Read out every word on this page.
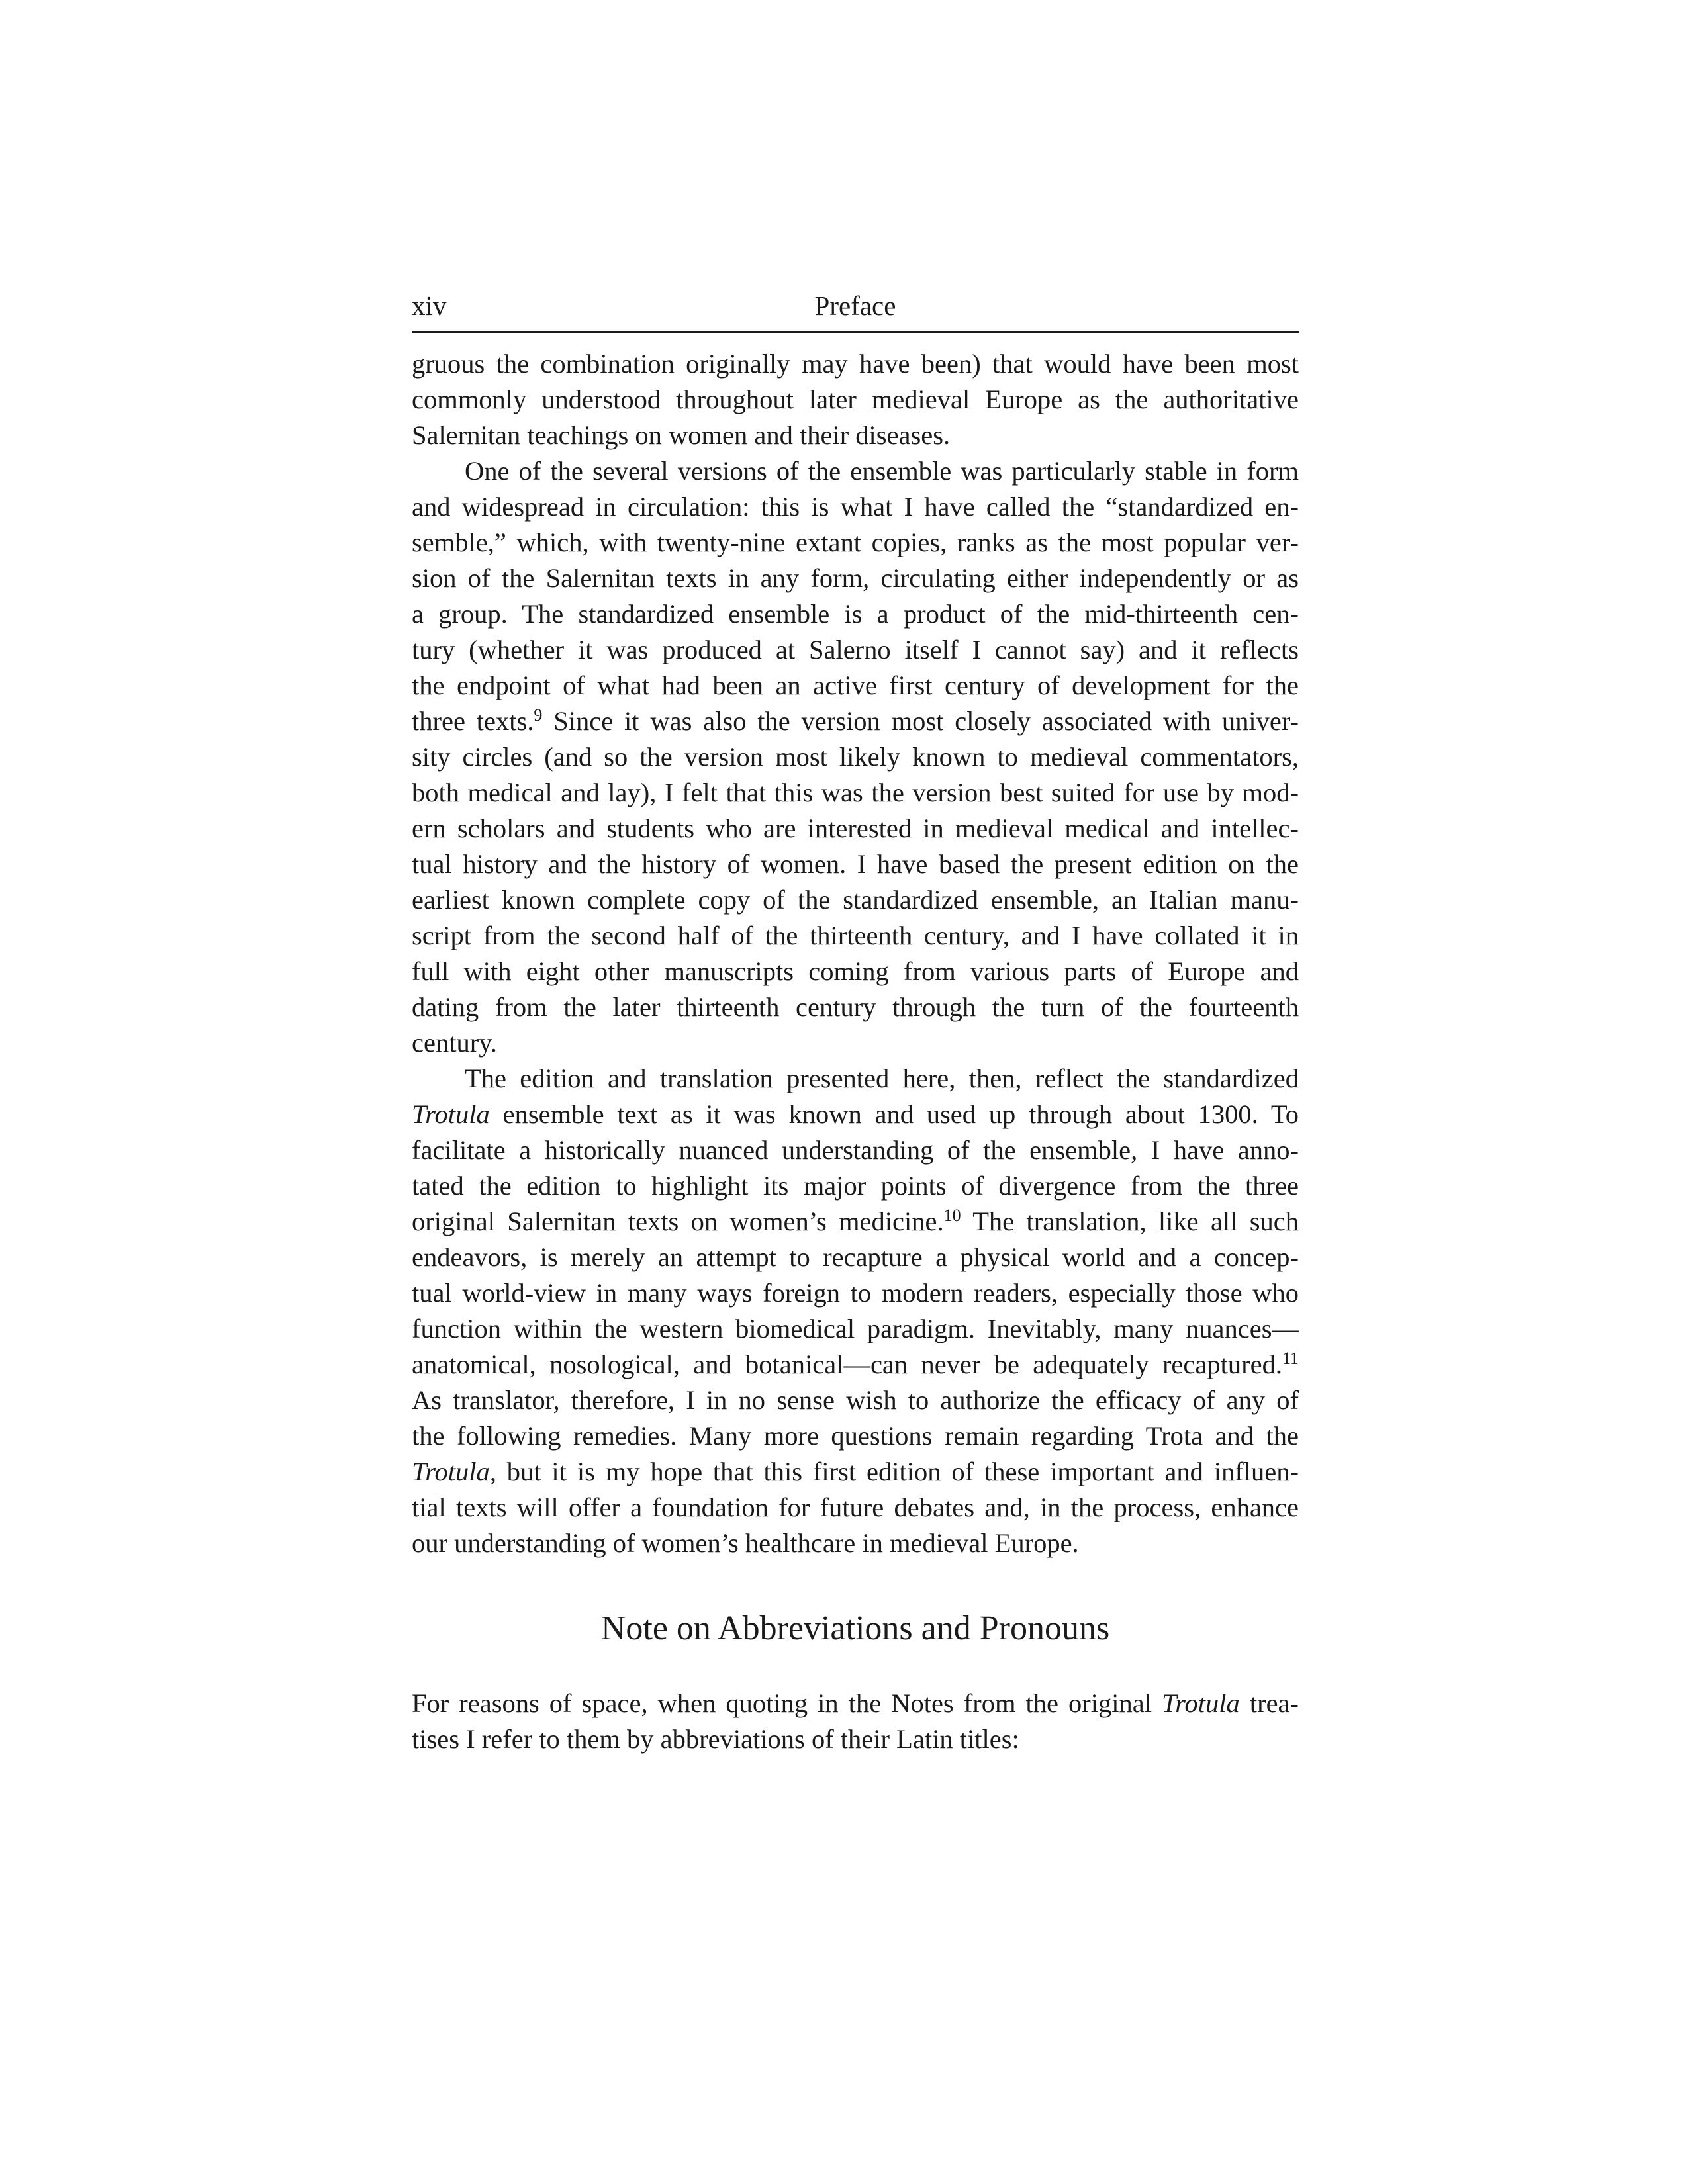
xiv	Preface
gruous the combination originally may have been) that would have been most
commonly understood throughout later medieval Europe as the authoritative
Salernitan teachings on women and their diseases.
One of the several versions of the ensemble was particularly stable in form
and widespread in circulation: this is what I have called the “standardized en-
semble,” which, with twenty-nine extant copies, ranks as the most popular ver-
sion of the Salernitan texts in any form, circulating either independently or as
a group. The standardized ensemble is a product of the mid-thirteenth cen-
tury (whether it was produced at Salerno itself I cannot say) and it reflects
the endpoint of what had been an active first century of development for the
three texts.$^9$ Since it was also the version most closely associated with univer-
sity circles (and so the version most likely known to medieval commentators,
both medical and lay), I felt that this was the version best suited for use by mod-
ern scholars and students who are interested in medieval medical and intellec-
tual history and the history of women. I have based the present edition on the
earliest known complete copy of the standardized ensemble, an Italian manu-
script from the second half of the thirteenth century, and I have collated it in
full with eight other manuscripts coming from various parts of Europe and
dating from the later thirteenth century through the turn of the fourteenth
century.
The edition and translation presented here, then, reflect the standardized
Trotula ensemble text as it was known and used up through about 1300. To
facilitate a historically nuanced understanding of the ensemble, I have anno-
tated the edition to highlight its major points of divergence from the three
original Salernitan texts on women’s medicine.$^{10}$ The translation, like all such
endeavors, is merely an attempt to recapture a physical world and a concep-
tual world-view in many ways foreign to modern readers, especially those who
function within the western biomedical paradigm. Inevitably, many nuances—
anatomical, nosological, and botanical—can never be adequately recaptured.$^{11}$
As translator, therefore, I in no sense wish to authorize the efficacy of any of
the following remedies. Many more questions remain regarding Trota and the
Trotula, but it is my hope that this first edition of these important and influen-
tial texts will offer a foundation for future debates and, in the process, enhance
our understanding of women’s healthcare in medieval Europe.
Note on Abbreviations and Pronouns
For reasons of space, when quoting in the Notes from the original Trotula trea-
tises I refer to them by abbreviations of their Latin titles:
